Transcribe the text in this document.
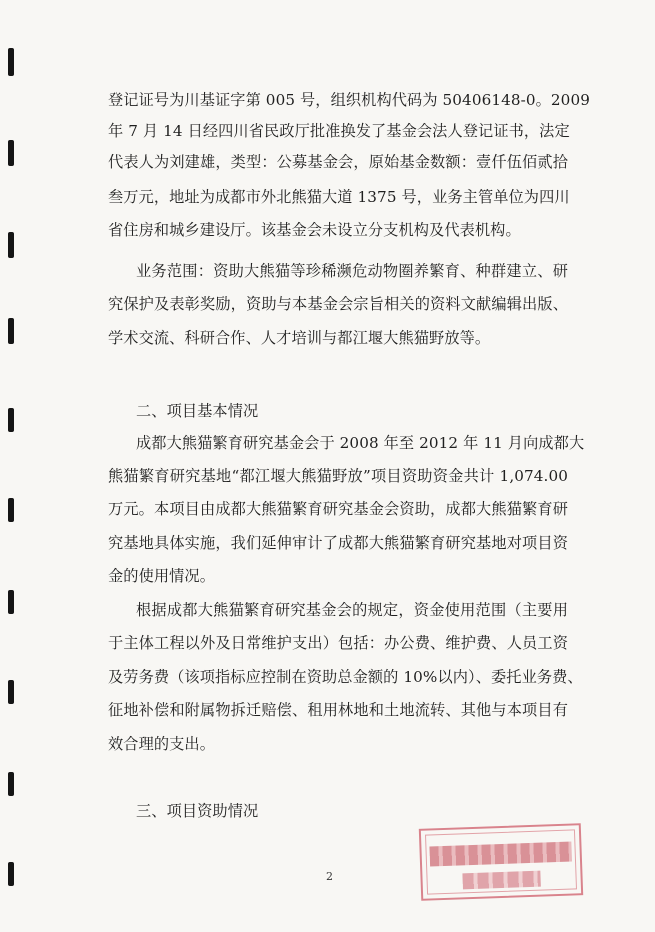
登记证号为川基证字第 005 号，组织机构代码为 50406148-0。2009
年 7 月 14 日经四川省民政厅批准换发了基金会法人登记证书，法定
代表人为刘建雄，类型：公募基金会，原始基金数额：壹仟伍佰贰拾
叁万元，地址为成都市外北熊猫大道 1375 号，业务主管单位为四川
省住房和城乡建设厅。该基金会未设立分支机构及代表机构。
业务范围：资助大熊猫等珍稀濒危动物圈养繁育、种群建立、研
究保护及表彰奖励，资助与本基金会宗旨相关的资料文献编辑出版、
学术交流、科研合作、人才培训与都江堰大熊猫野放等。
二、项目基本情况
成都大熊猫繁育研究基金会于 2008 年至 2012 年 11 月向成都大
熊猫繁育研究基地“都江堰大熊猫野放”项目资助资金共计 1,074.00
万元。本项目由成都大熊猫繁育研究基金会资助，成都大熊猫繁育研
究基地具体实施，我们延伸审计了成都大熊猫繁育研究基地对项目资
金的使用情况。
根据成都大熊猫繁育研究基金会的规定，资金使用范围（主要用
于主体工程以外及日常维护支出）包括：办公费、维护费、人员工资
及劳务费（该项指标应控制在资助总金额的 10%以内）、委托业务费、
征地补偿和附属物拆迁赔偿、租用林地和土地流转、其他与本项目有
效合理的支出。
三、项目资助情况
2
